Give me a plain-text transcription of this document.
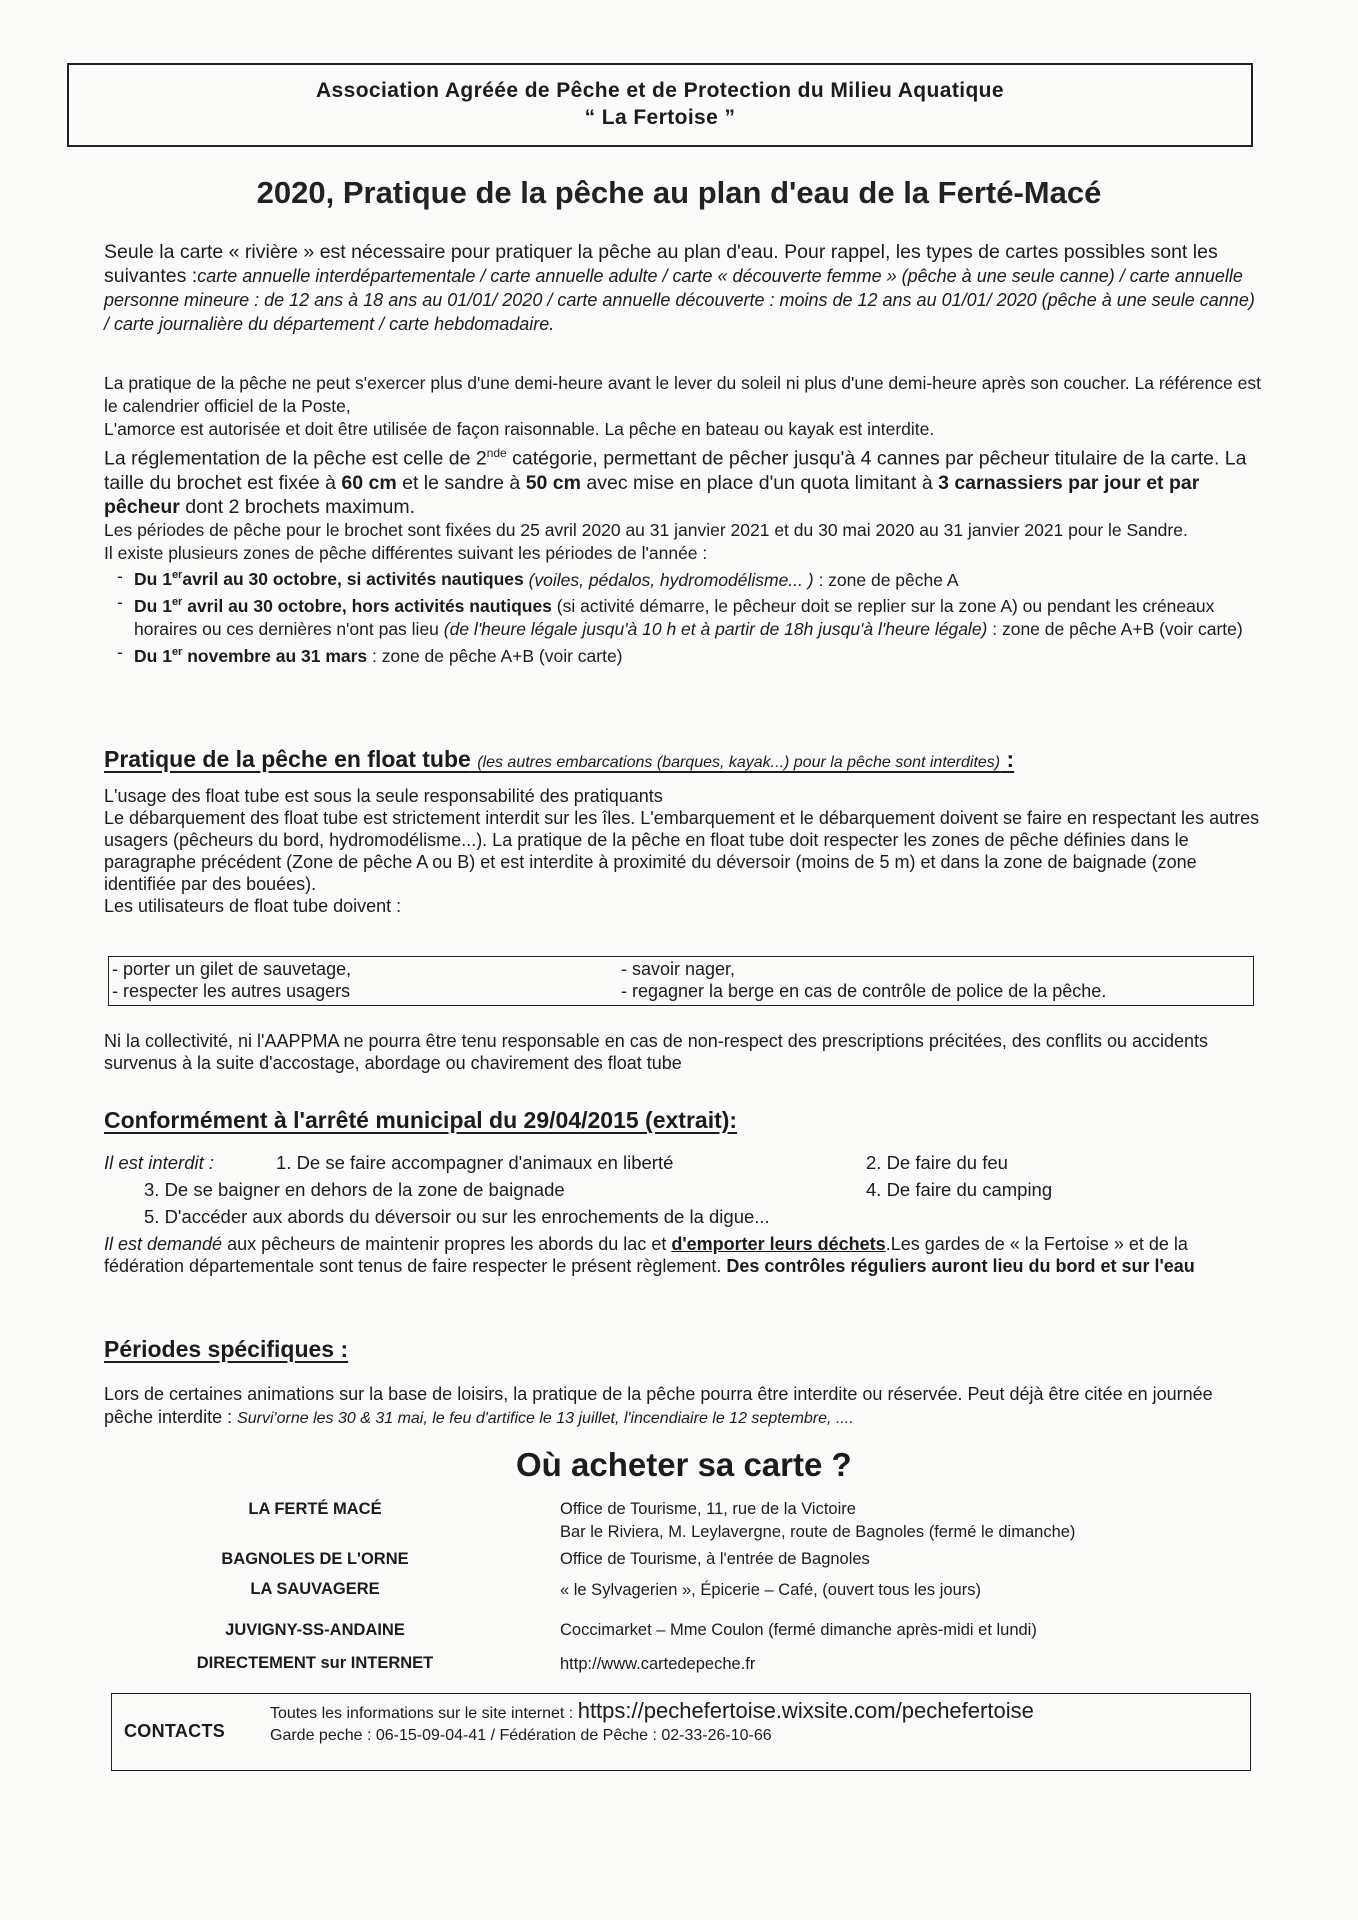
Association Agréée de Pêche et de Protection du Milieu Aquatique
“ La Fertoise ”
2020, Pratique de la pêche au plan d'eau de la Ferté-Macé
Seule la carte « rivière » est nécessaire pour pratiquer la pêche au plan d'eau. Pour rappel, les types de cartes possibles sont les suivantes :carte annuelle interdépartementale / carte annuelle adulte / carte « découverte femme » (pêche à une seule canne) / carte annuelle personne mineure : de 12 ans à 18 ans au 01/01/ 2020 / carte annuelle découverte : moins de 12 ans au 01/01/ 2020 (pêche à une seule canne) / carte journalière du département / carte hebdomadaire.

La pratique de la pêche ne peut s'exercer plus d'une demi-heure avant le lever du soleil ni plus d'une demi-heure après son coucher. La référence est le calendrier officiel de la Poste,

L'amorce est autorisée et doit être utilisée de façon raisonnable. La pêche en bateau ou kayak est interdite.

La réglementation de la pêche est celle de 2nde catégorie, permettant de pêcher jusqu'à 4 cannes par pêcheur titulaire de la carte. La taille du brochet est fixée à 60 cm et le sandre à 50 cm avec mise en place d'un quota limitant à 3 carnassiers par jour et par pêcheur dont 2 brochets maximum.

Les périodes de pêche pour le brochet sont fixées du 25 avril 2020 au 31 janvier 2021 et du 30 mai 2020 au 31 janvier 2021 pour le Sandre.

Il existe plusieurs zones de pêche différentes suivant les périodes de l'année :

- Du 1eravril au 30 octobre, si activités nautiques (voiles, pédalos, hydromodélisme... ) : zone de pêche A
- Du 1er avril au 30 octobre, hors activités nautiques (si activité démarre, le pêcheur doit se replier sur la zone A) ou pendant les créneaux horaires ou ces dernières n'ont pas lieu (de l'heure légale jusqu'à 10 h et à partir de 18h jusqu'à l'heure légale) : zone de pêche A+B (voir carte)
- Du 1er novembre au 31 mars : zone de pêche A+B (voir carte)
Pratique de la pêche en float tube (les autres embarcations (barques, kayak...) pour la pêche sont interdites) :

L'usage des float tube est sous la seule responsabilité des pratiquants

Le débarquement des float tube est strictement interdit sur les îles. L'embarquement et le débarquement doivent se faire en respectant les autres usagers (pêcheurs du bord, hydromodélisme...). La pratique de la pêche en float tube doit respecter les zones de pêche définies dans le paragraphe précédent (Zone de pêche A ou B) et est interdite à proximité du déversoir (moins de 5 m) et dans la zone de baignade (zone identifiée par des bouées).

Les utilisateurs de float tube doivent :

- porter un gilet de sauvetage,	- savoir nager,
- respecter les autres usagers	- regagner la berge en cas de contrôle de police de la pêche.
Ni la collectivité, ni l'AAPPMA ne pourra être tenu responsable en cas de non-respect des prescriptions précitées, des conflits ou accidents survenus à la suite d'accostage, abordage ou chavirement des float tube
Conformément à l'arrêté municipal du 29/04/2015 (extrait):
Il est interdit :	1. De se faire accompagner d'animaux en liberté	2. De faire du feu
3. De se baigner en dehors de la zone de baignade	4. De faire du camping
5. D'accéder aux abords du déversoir ou sur les enrochements de la digue...
Il est demandé aux pêcheurs de maintenir propres les abords du lac et d'emporter leurs déchets.Les gardes de « la Fertoise » et de la fédération départementale sont tenus de faire respecter le présent règlement. Des contrôles réguliers auront lieu du bord et sur l'eau
Périodes spécifiques :
Lors de certaines animations sur la base de loisirs, la pratique de la pêche pourra être interdite ou réservée. Peut déjà être citée en journée pêche interdite : Survi'orne les 30 & 31 mai, le feu d'artifice le 13 juillet, l'incendiaire le 12 septembre, ....
Où acheter sa carte ?
LA FERTÉ MACÉ	Office de Tourisme, 11, rue de la Victoire
Bar le Riviera, M. Leylavergne, route de Bagnoles (fermé le dimanche)
BAGNOLES DE L'ORNE	Office de Tourisme, à l'entrée de Bagnoles
LA SAUVAGERE	« le Sylvagerien », Épicerie – Café, (ouvert tous les jours)
JUVIGNY-SS-ANDAINE	Coccimarket – Mme Coulon (fermé dimanche après-midi et lundi)
DIRECTEMENT sur INTERNET	http://www.cartedepeche.fr
CONTACTS
Toutes les informations sur le site internet : https://pechefertoise.wixsite.com/pechefertoise
Garde peche : 06-15-09-04-41 / Fédération de Pêche : 02-33-26-10-66
